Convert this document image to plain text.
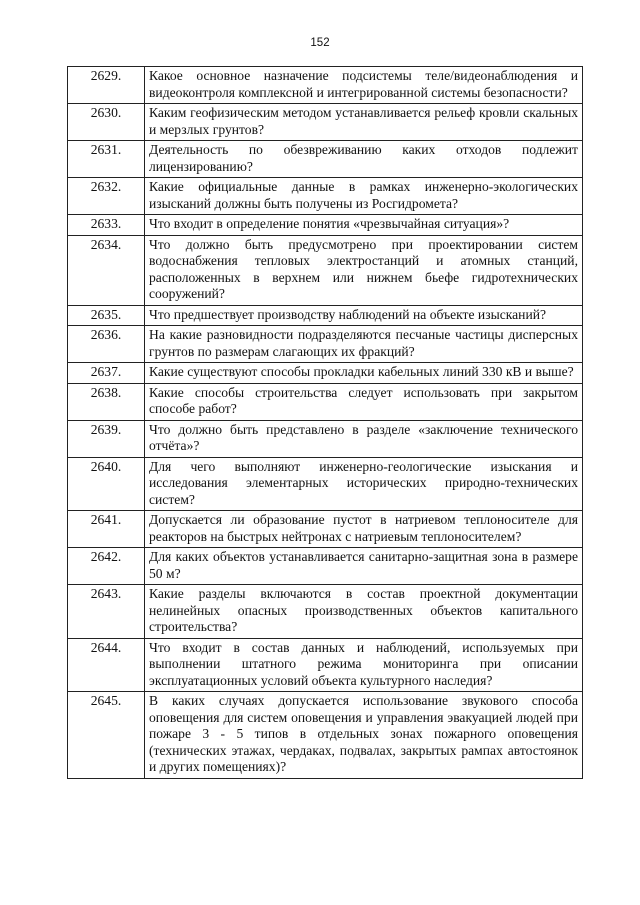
152
2629.	Какое основное назначение подсистемы теле/видеонаблюдения и видеоконтроля комплексной и интегрированной системы безопасности?
2630.	Каким геофизическим методом устанавливается рельеф кровли скальных и мерзлых грунтов?
2631.	Деятельность по обезвреживанию каких отходов подлежит лицензированию?
2632.	Какие официальные данные в рамках инженерно-экологических изысканий должны быть получены из Росгидромета?
2633.	Что входит в определение понятия «чрезвычайная ситуация»?
2634.	Что должно быть предусмотрено при проектировании систем водоснабжения тепловых электростанций и атомных станций, расположенных в верхнем или нижнем бьефе гидротехнических сооружений?
2635.	Что предшествует производству наблюдений на объекте изысканий?
2636.	На какие разновидности подразделяются песчаные частицы дисперсных грунтов по размерам слагающих их фракций?
2637.	Какие существуют способы прокладки кабельных линий 330 кВ и выше?
2638.	Какие способы строительства следует использовать при закрытом способе работ?
2639.	Что должно быть представлено в разделе «заключение технического отчёта»?
2640.	Для чего выполняют инженерно-геологические изыскания и исследования элементарных исторических природно-технических систем?
2641.	Допускается ли образование пустот в натриевом теплоносителе для реакторов на быстрых нейтронах с натриевым теплоносителем?
2642.	Для каких объектов устанавливается санитарно-защитная зона в размере 50 м?
2643.	Какие разделы включаются в состав проектной документации нелинейных опасных производственных объектов капитального строительства?
2644.	Что входит в состав данных и наблюдений, используемых при выполнении штатного режима мониторинга при описании эксплуатационных условий объекта культурного наследия?
2645.	В каких случаях допускается использование звукового способа оповещения для систем оповещения и управления эвакуацией людей при пожаре 3 - 5 типов в отдельных зонах пожарного оповещения (технических этажах, чердаках, подвалах, закрытых рампах автостоянок и других помещениях)?
